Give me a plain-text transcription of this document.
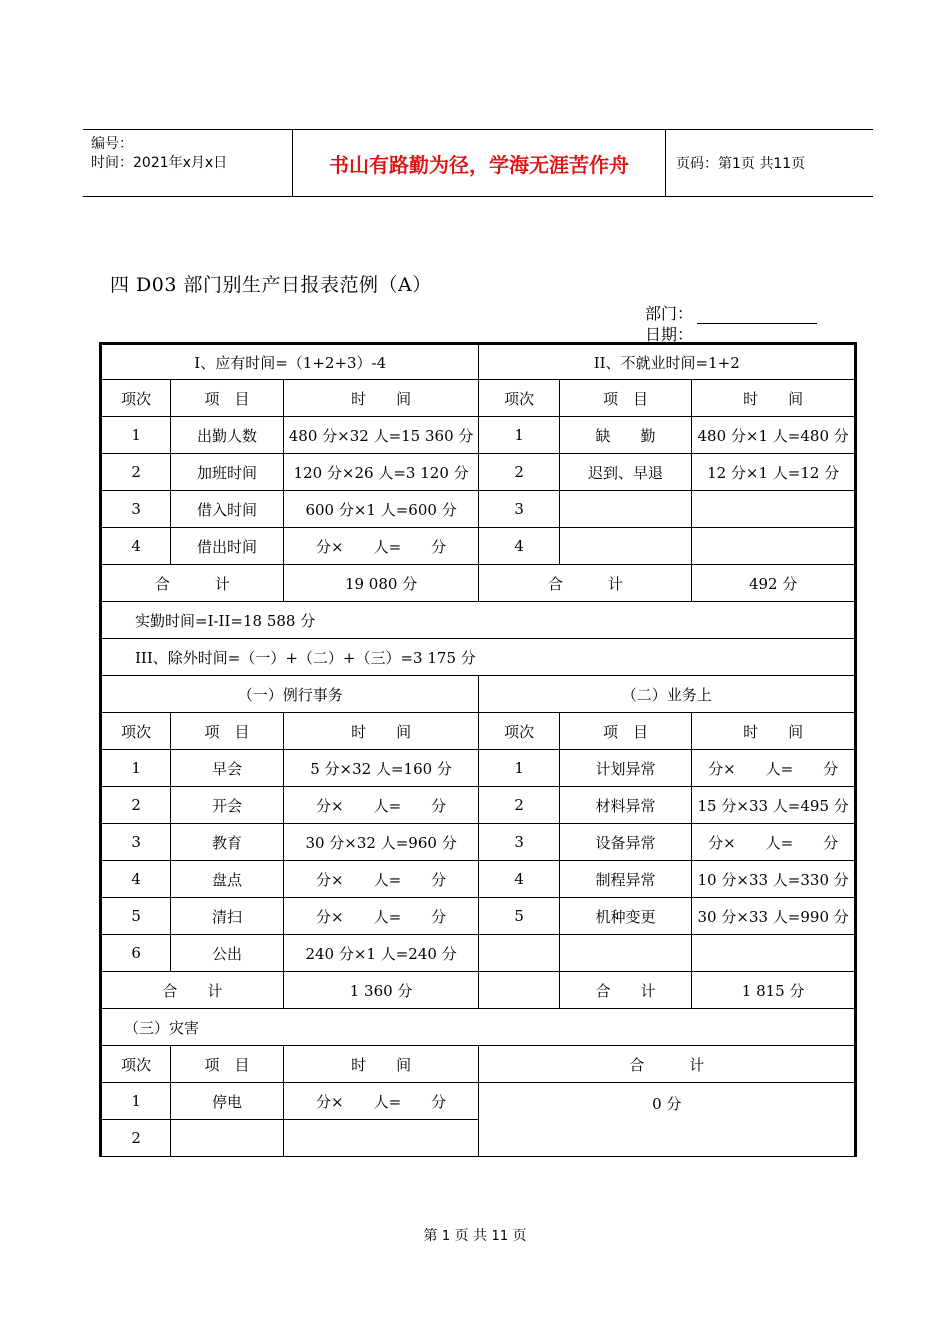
编号：
时间：2021年x月x日	书山有路勤为径，学海无涯苦作舟	页码：第1页 共11页
四 D03 部门别生产日报表范例（A）
部门：
日期：
I、应有时间=（1+2+3）-4			II、不就业时间=1+2		
项次	项　目	时　　间	项次	项　目	时　　间
1	出勤人数	480 分×32 人=15 360 分	1	缺　　勤	480 分×1 人=480 分
2	加班时间	120 分×26 人=3 120 分	2	迟到、早退	12 分×1 人=12 分
3	借入时间	600 分×1 人=600 分	3		
4	借出时间	分×　　人=　　分	4		
合　　　计		19 080 分	合　　　计		492 分
实勤时间=I-II=18 588 分					
III、除外时间=（一）+（二）+（三）=3 175 分					
（一）例行事务			（二）业务上		
项次	项　目	时　　间	项次	项　目	时　　间
1	早会	5 分×32 人=160 分	1	计划异常	分×　　人=　　分
2	开会	分×　　人=　　分	2	材料异常	15 分×33 人=495 分
3	教育	30 分×32 人=960 分	3	设备异常	分×　　人=　　分
4	盘点	分×　　人=　　分	4	制程异常	10 分×33 人=330 分
5	清扫	分×　　人=　　分	5	机种变更	30 分×33 人=990 分
6	公出	240 分×1 人=240 分			
合　　计		1 360 分		合　　计	1 815 分
（三）灾害					
项次	项　目	时　　间	合　　　计		
1	停电	分×　　人=　　分	0 分		
2					
第 1 页 共 11 页
